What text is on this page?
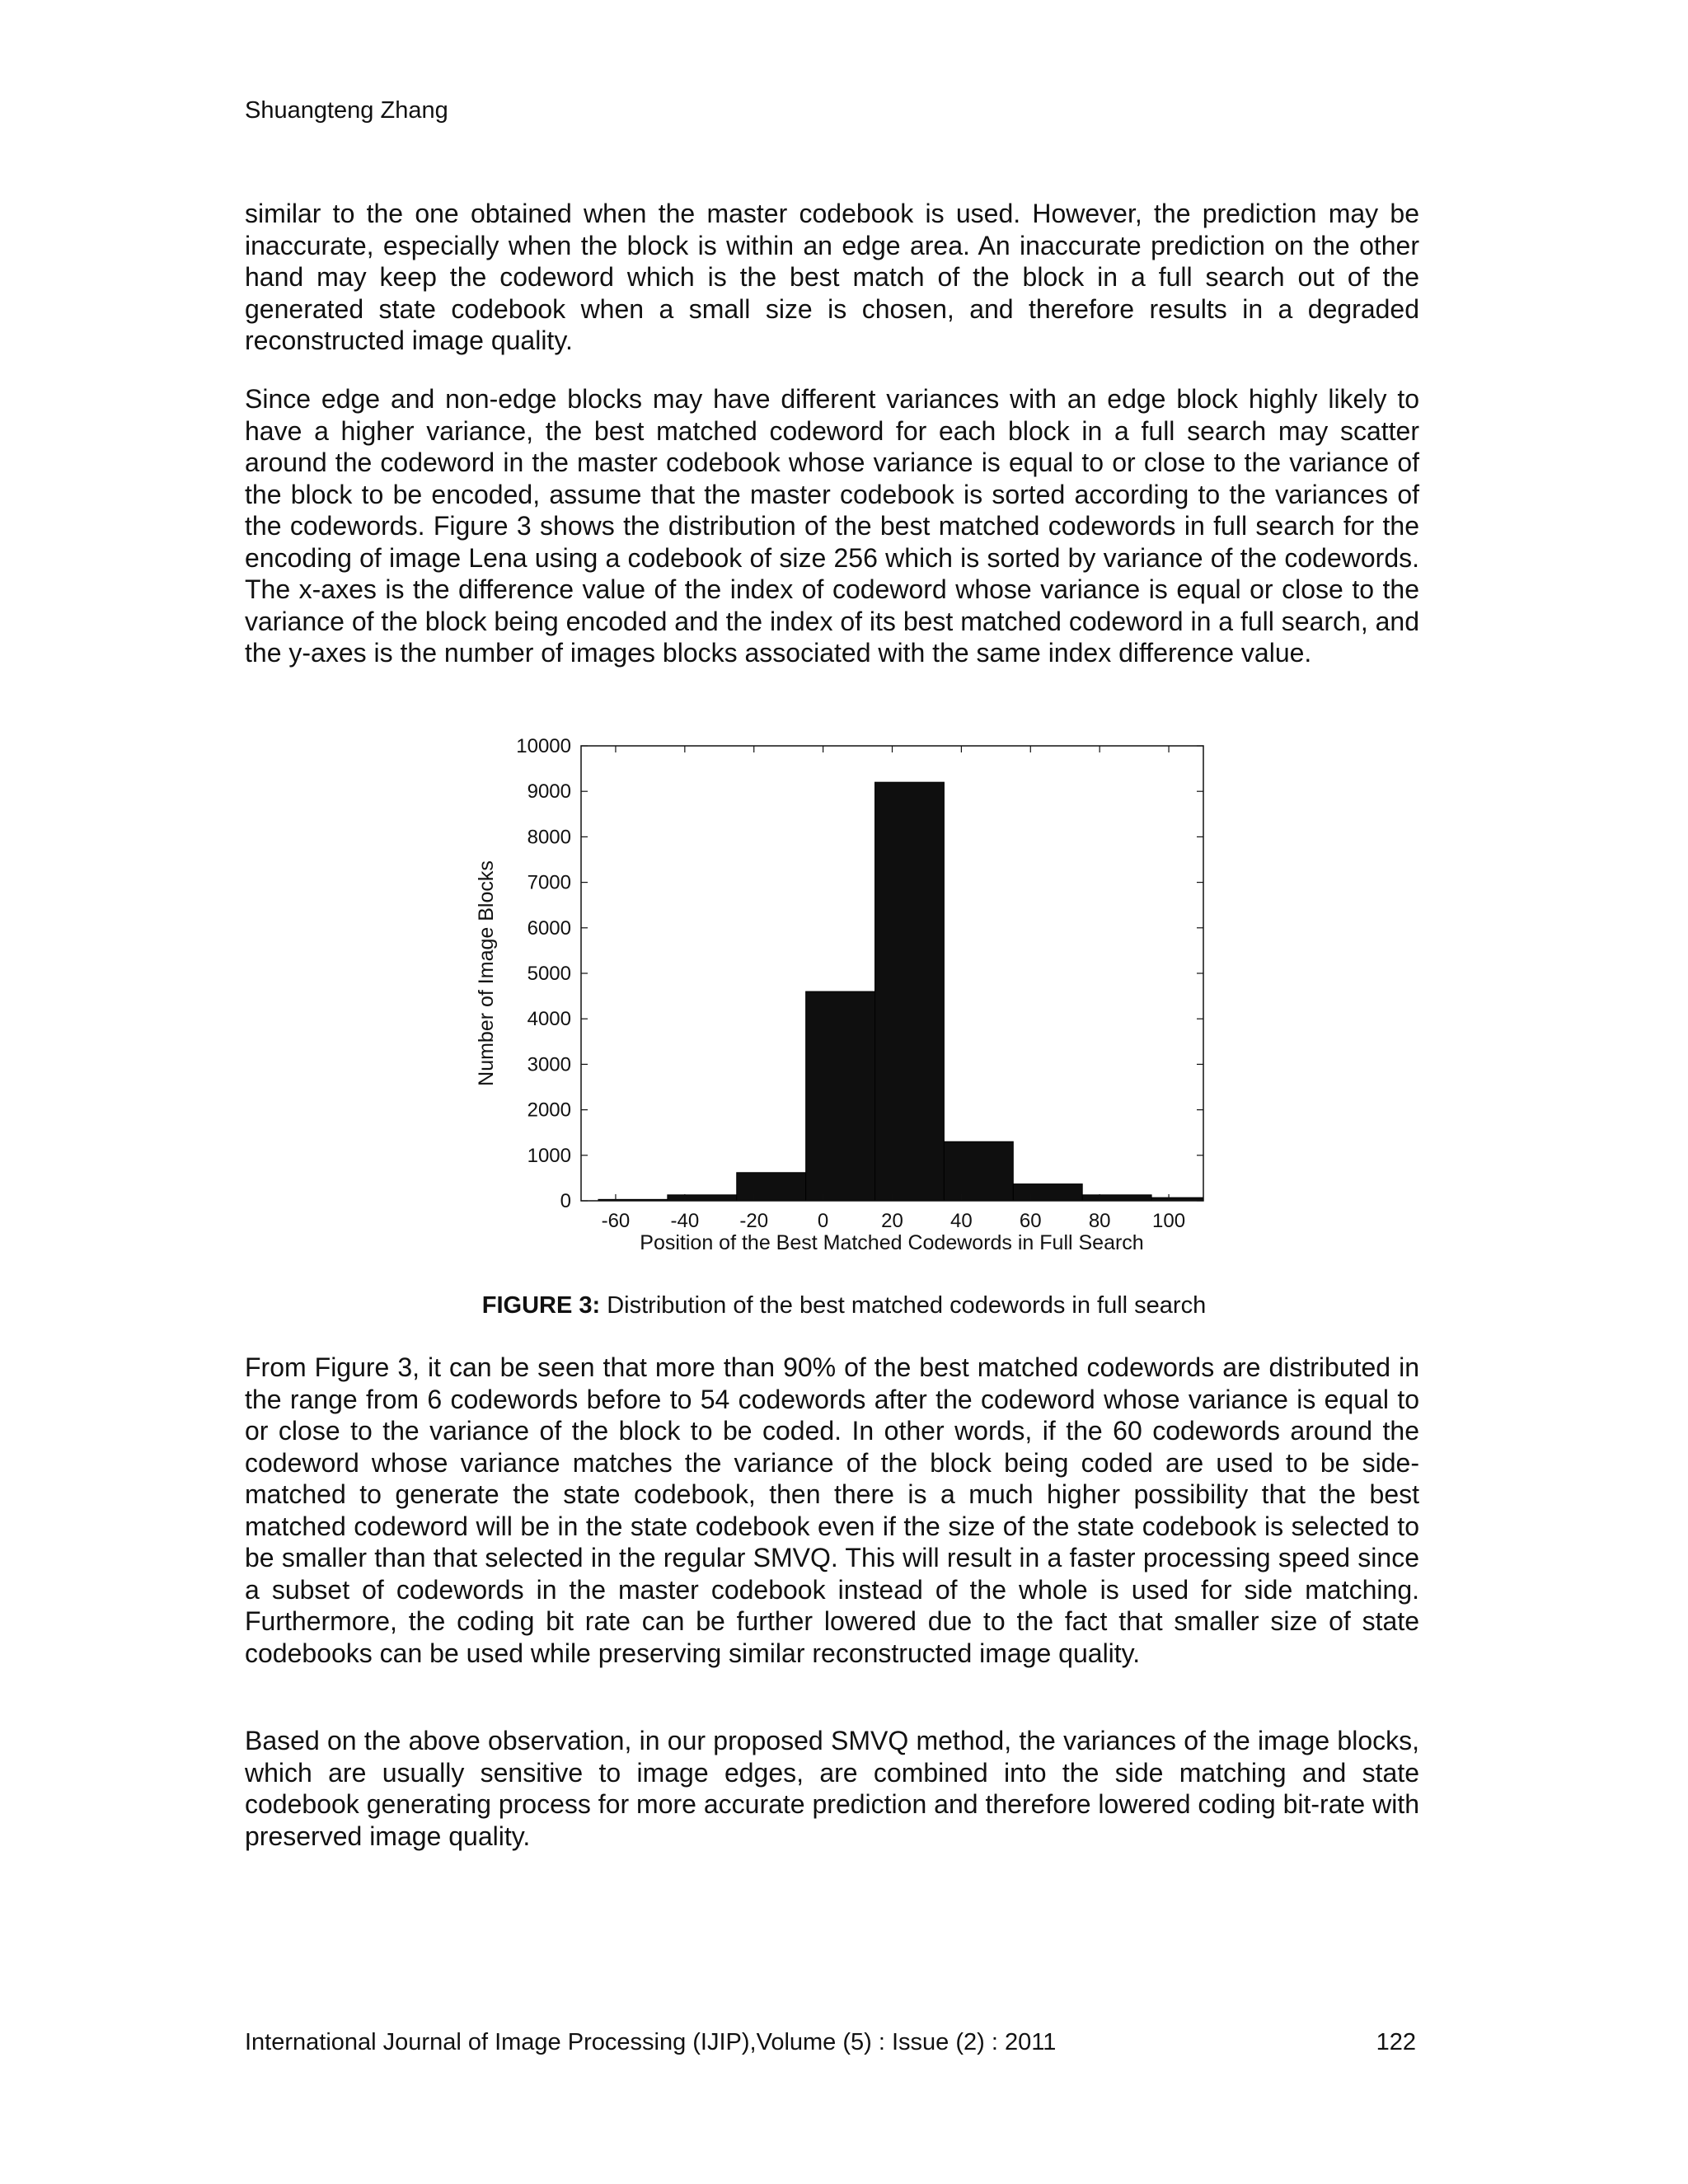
Shuangteng Zhang

similar to the one obtained when the master codebook is used. However, the prediction may be inaccurate, especially when the block is within an edge area. An inaccurate prediction on the other hand may keep the codeword which is the best match of the block in a full search out of the generated state codebook when a small size is chosen, and therefore results in a degraded reconstructed image quality.

Since edge and non-edge blocks may have different variances with an edge block highly likely to have a higher variance, the best matched codeword for each block in a full search may scatter around the codeword in the master codebook whose variance is equal to or close to the variance of the block to be encoded, assume that the master codebook is sorted according to the variances of the codewords. Figure 3 shows the distribution of the best matched codewords in full search for the encoding of image Lena using a codebook of size 256 which is sorted by variance of the codewords. The x-axes is the difference value of the index of codeword whose variance is equal or close to the variance of the block being encoded and the index of its best matched codeword in a full search, and the y-axes is the number of images blocks associated with the same index difference value.

-60 -40 -20 0	20 40 60 80 100
0
1000
2000
3000
4000
5000
6000
7000
8000
9000
10000
Position of the Best Matched Codewords in Full Search
Number of Image Blocks
FIGURE 3: Distribution of the best matched codewords in full search

From Figure 3, it can be seen that more than 90% of the best matched codewords are distributed in the range from 6 codewords before to 54 codewords after the codeword whose variance is equal to or close to the variance of the block to be coded. In other words, if the 60 codewords around the codeword whose variance matches the variance of the block being coded are used to be side-matched to generate the state codebook, then there is a much higher possibility that the best matched codeword will be in the state codebook even if the size of the state codebook is selected to be smaller than that selected in the regular SMVQ. This will result in a faster processing speed since a subset of codewords in the master codebook instead of the whole is used for side matching. Furthermore, the coding bit rate can be further lowered due to the fact that smaller size of state codebooks can be used while preserving similar reconstructed image quality.

Based on the above observation, in our proposed SMVQ method, the variances of the image blocks, which are usually sensitive to image edges, are combined into the side matching and state codebook generating process for more accurate prediction and therefore lowered coding bit-rate with preserved image quality.

International Journal of Image Processing (IJIP),Volume (5) : Issue (2) : 2011	122
